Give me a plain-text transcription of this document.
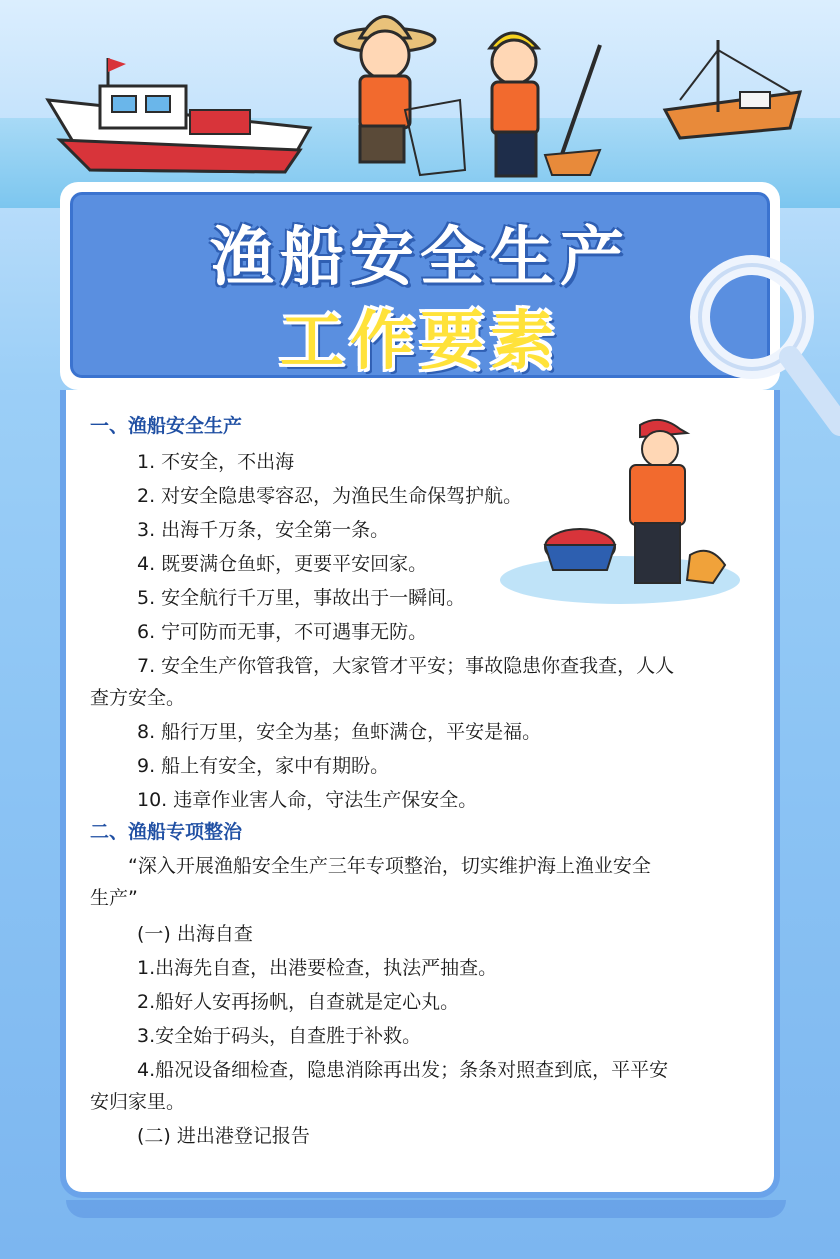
渔船安全生产
工作要素
一、渔船安全生产
1. 不安全，不出海
2. 对安全隐患零容忍，为渔民生命保驾护航。
3. 出海千万条，安全第一条。
4. 既要满仓鱼虾，更要平安回家。
5. 安全航行千万里，事故出于一瞬间。
6. 宁可防而无事，不可遇事无防。
7. 安全生产你管我管，大家管才平安；事故隐患你查我查，人人
查方安全。
8. 船行万里，安全为基；鱼虾满仓，平安是福。
9. 船上有安全，家中有期盼。
10. 违章作业害人命，守法生产保安全。
二、渔船专项整治
“深入开展渔船安全生产三年专项整治，切实维护海上渔业安全
生产”
(一) 出海自查
1.出海先自查，出港要检查，执法严抽查。
2.船好人安再扬帆，自查就是定心丸。
3.安全始于码头，自查胜于补救。
4.船况设备细检查，隐患消除再出发；条条对照查到底，平平安
安归家里。
(二) 进出港登记报告
